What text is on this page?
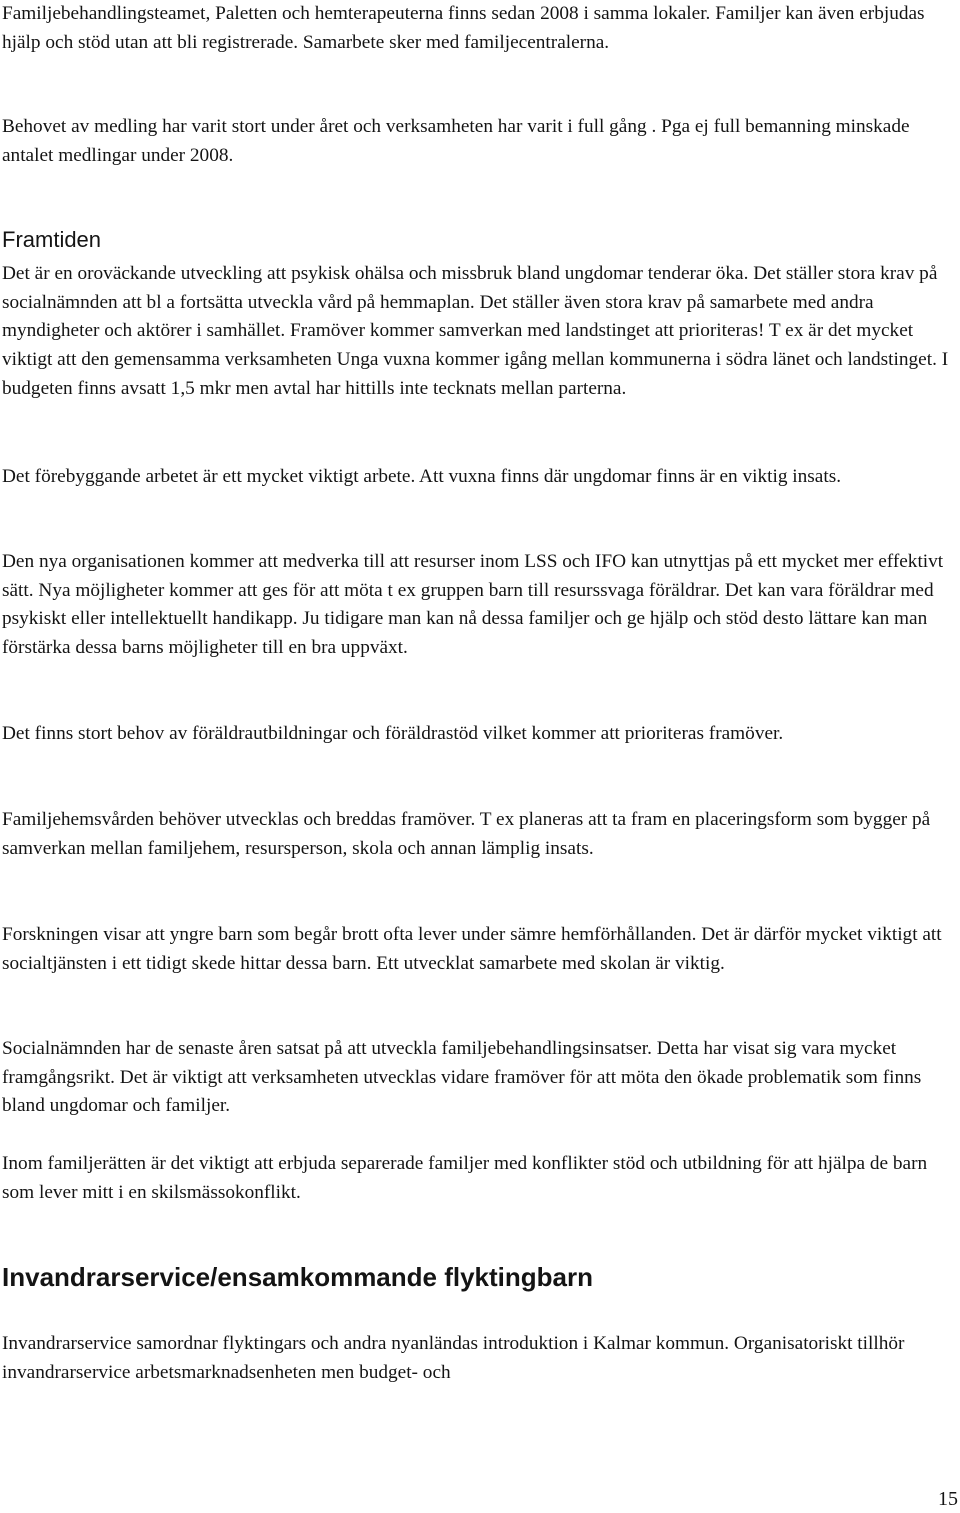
Familjebehandlingsteamet, Paletten och hemterapeuterna finns sedan 2008 i samma lokaler. Familjer kan även erbjudas hjälp och stöd utan att bli registrerade. Samarbete sker med familjecentralerna.

Behovet av medling har varit stort under året och verksamheten har varit i full gång . Pga ej full bemanning minskade antalet medlingar under 2008.

Framtiden

Det är en oroväckande utveckling att psykisk ohälsa och missbruk bland ungdomar tenderar öka. Det ställer stora krav på socialnämnden att bl a fortsätta utveckla vård på hemmaplan. Det ställer även stora krav på samarbete med andra myndigheter och aktörer i samhället. Framöver kommer samverkan med landstinget att prioriteras! T ex är det mycket viktigt att den gemensamma verksamheten Unga vuxna kommer igång mellan kommunerna i södra länet och landstinget. I budgeten finns avsatt 1,5 mkr men avtal har hittills inte tecknats mellan parterna.

Det förebyggande arbetet är ett mycket viktigt arbete. Att vuxna finns där ungdomar finns är en viktig insats.

Den nya organisationen kommer att medverka till att resurser inom LSS och IFO kan utnyttjas på ett mycket mer effektivt sätt. Nya möjligheter kommer att ges för att möta t ex gruppen barn till resurssvaga föräldrar. Det kan vara föräldrar med psykiskt eller intellektuellt handikapp. Ju tidigare man kan nå dessa familjer och ge hjälp och stöd desto lättare kan man förstärka dessa barns möjligheter till en bra uppväxt.

Det finns stort behov av föräldrautbildningar och föräldrastöd vilket kommer att prioriteras framöver.

Familjehemsvården behöver utvecklas och breddas framöver. T ex planeras att ta fram en placeringsform som bygger på samverkan mellan familjehem, resursperson, skola och annan lämplig insats.

Forskningen visar att yngre barn som begår brott ofta lever under sämre hemförhållanden. Det är därför mycket viktigt att socialtjänsten i ett tidigt skede hittar dessa barn. Ett utvecklat samarbete med skolan är viktig.

Socialnämnden har de senaste åren satsat på att utveckla familjebehandlingsinsatser. Detta har visat sig vara mycket framgångsrikt. Det är viktigt att verksamheten utvecklas vidare framöver för att möta den ökade problematik som finns bland ungdomar och familjer.

Inom familjerätten är det viktigt att erbjuda separerade familjer med konflikter stöd och utbildning för att hjälpa de barn som lever mitt i en skilsmässokonflikt.

Invandrarservice/ensamkommande flyktingbarn

Invandrarservice samordnar flyktingars och andra nyanländas introduktion i Kalmar kommun. Organisatoriskt tillhör invandrarservice arbetsmarknadsenheten men budget- och

15
